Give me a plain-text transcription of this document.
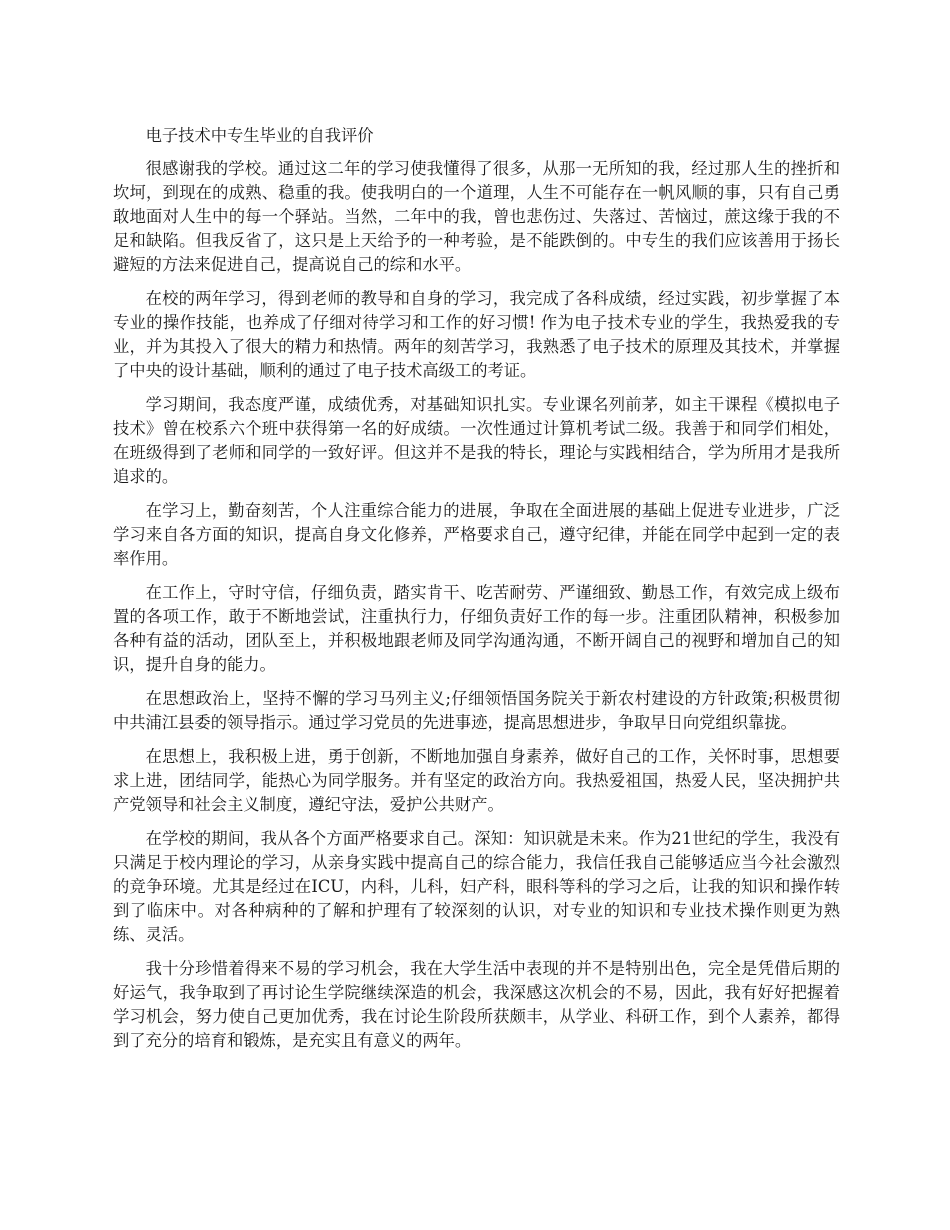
电子技术中专生毕业的自我评价

很感谢我的学校。通过这二年的学习使我懂得了很多，从那一无所知的我，经过那人生的挫折和坎坷，到现在的成熟、稳重的我。使我明白的一个道理，人生不可能存在一帆风顺的事，只有自己勇敢地面对人生中的每一个驿站。当然，二年中的我，曾也悲伤过、失落过、苦恼过，蔗这缘于我的不足和缺陷。但我反省了，这只是上天给予的一种考验，是不能跌倒的。中专生的我们应该善用于扬长避短的方法来促进自己，提高说自己的综和水平。

在校的两年学习，得到老师的教导和自身的学习，我完成了各科成绩，经过实践，初步掌握了本专业的操作技能，也养成了仔细对待学习和工作的好习惯! 作为电子技术专业的学生，我热爱我的专业，并为其投入了很大的精力和热情。两年的刻苦学习，我熟悉了电子技术的原理及其技术，并掌握了中央的设计基础，顺利的通过了电子技术高级工的考证。

学习期间，我态度严谨，成绩优秀，对基础知识扎实。专业课名列前茅，如主干课程《模拟电子技术》曾在校系六个班中获得第一名的好成绩。一次性通过计算机考试二级。我善于和同学们相处，在班级得到了老师和同学的一致好评。但这并不是我的特长，理论与实践相结合，学为所用才是我所追求的。

在学习上，勤奋刻苦，个人注重综合能力的进展，争取在全面进展的基础上促进专业进步，广泛学习来自各方面的知识，提高自身文化修养，严格要求自己，遵守纪律，并能在同学中起到一定的表率作用。

在工作上，守时守信，仔细负责，踏实肯干、吃苦耐劳、严谨细致、勤恳工作，有效完成上级布置的各项工作，敢于不断地尝试，注重执行力，仔细负责好工作的每一步。注重团队精神，积极参加各种有益的活动，团队至上，并积极地跟老师及同学沟通沟通，不断开阔自己的视野和增加自己的知识，提升自身的能力。

在思想政治上，坚持不懈的学习马列主义;仔细领悟国务院关于新农村建设的方针政策;积极贯彻中共浦江县委的领导指示。通过学习党员的先进事迹，提高思想进步，争取早日向党组织靠拢。

在思想上，我积极上进，勇于创新，不断地加强自身素养，做好自己的工作，关怀时事，思想要求上进，团结同学，能热心为同学服务。并有坚定的政治方向。我热爱祖国，热爱人民，坚决拥护共产党领导和社会主义制度，遵纪守法，爱护公共财产。

在学校的期间，我从各个方面严格要求自己。深知：知识就是未来。作为21世纪的学生，我没有只满足于校内理论的学习，从亲身实践中提高自己的综合能力，我信任我自己能够适应当今社会激烈的竞争环境。尤其是经过在ICU，内科，儿科，妇产科，眼科等科的学习之后，让我的知识和操作转到了临床中。对各种病种的了解和护理有了较深刻的认识，对专业的知识和专业技术操作则更为熟练、灵活。

我十分珍惜着得来不易的学习机会，我在大学生活中表现的并不是特别出色，完全是凭借后期的好运气，我争取到了再讨论生学院继续深造的机会，我深感这次机会的不易，因此，我有好好把握着学习机会，努力使自己更加优秀，我在讨论生阶段所获颇丰，从学业、科研工作，到个人素养，都得到了充分的培育和锻炼，是充实且有意义的两年。
